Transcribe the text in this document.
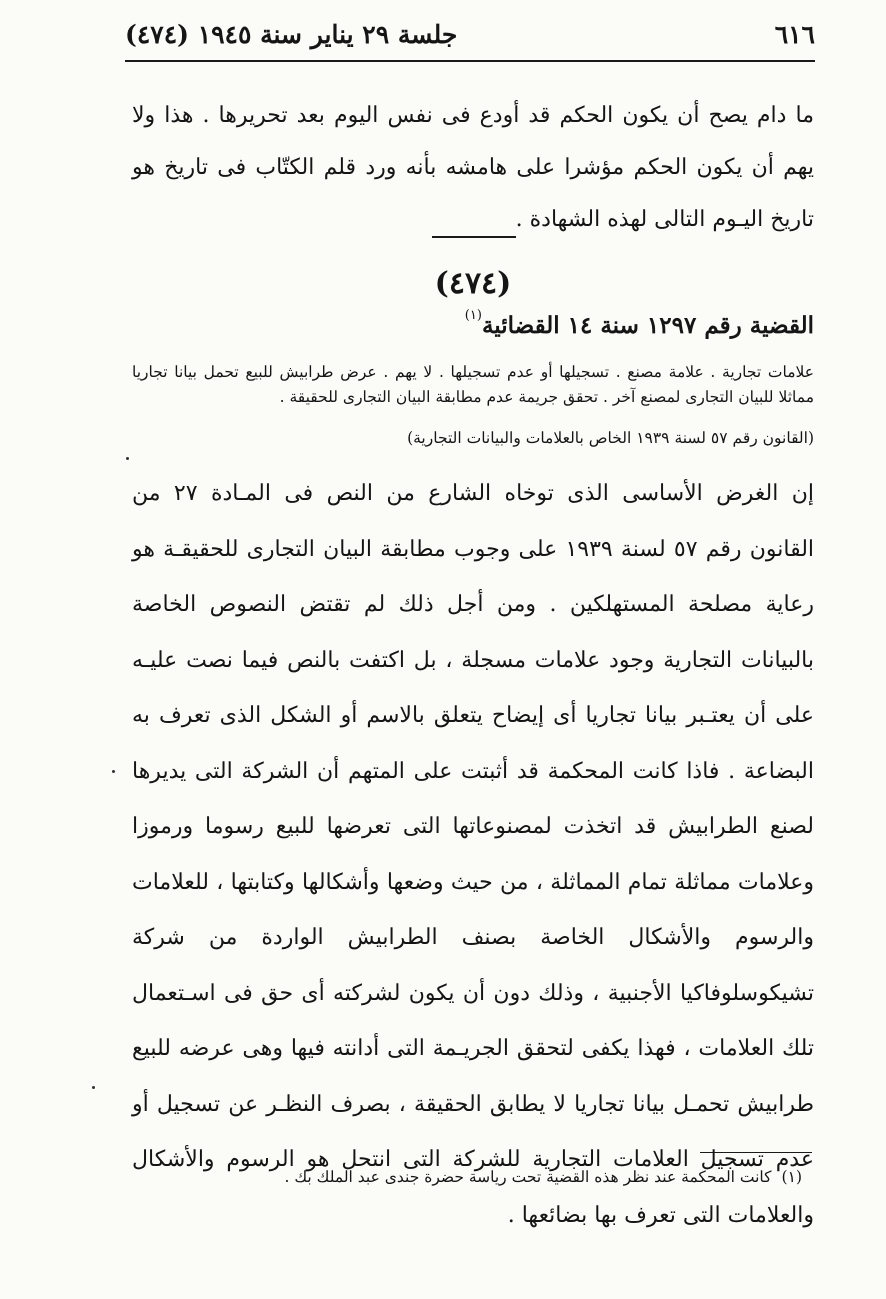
٦١٦
جلسة ٢٩ يناير سنة ١٩٤٥ (٤٧٤)

ما دام يصح أن يكون الحكم قد أودع فى نفس اليوم بعد تحريرها . هذا ولا يهم أن يكون الحكم مؤشرا على هامشه بأنه ورد قلم الكتّاب فى تاريخ هو تاريخ اليـوم التالى لهذه الشهادة .

(٤٧٤)

القضية رقم ١٢٩٧ سنة ١٤ القضائية$^{(١)}$

علامات تجارية . علامة مصنع . تسجيلها أو عدم تسجيلها . لا يهم . عرض طرابيش للبيع تحمل بيانا تجاريا مماثلا للبيان التجارى لمصنع آخر . تحقق جريمة عدم مطابقة البيان التجارى للحقيقة .

(القانون رقم ٥٧ لسنة ١٩٣٩ الخاص بالعلامات والبيانات التجارية)

إن الغرض الأساسى الذى توخاه الشارع من النص فى المـادة ٢٧ من القانون رقم ٥٧ لسنة ١٩٣٩ على وجوب مطابقة البيان التجارى للحقيقـة هو رعاية مصلحة المستهلكين . ومن أجل ذلك لم تقتض النصوص الخاصة بالبيانات التجارية وجود علامات مسجلة ، بل اكتفت بالنص فيما نصت عليـه على أن يعتـبر بيانا تجاريا أى إيضاح يتعلق بالاسم أو الشكل الذى تعرف به البضاعة . فاذا كانت المحكمة قد أثبتت على المتهم أن الشركة التى يديرها لصنع الطرابيش قد اتخذت لمصنوعاتها التى تعرضها للبيع رسوما ورموزا وعلامات مماثلة تمام المماثلة ، من حيث وضعها وأشكالها وكتابتها ، للعلامات والرسوم والأشكال الخاصة بصنف الطرابيش الواردة من شركة تشيكوسلوفاكيا الأجنبية ، وذلك دون أن يكون لشركته أى حق فى اسـتعمال تلك العلامات ، فهذا يكفى لتحقق الجريـمة التى أدانته فيها وهى عرضه للبيع طرابيش تحمـل بيانا تجاريا لا يطابق الحقيقة ، بصرف النظـر عن تسجيل أو عدم تسجيل العلامات التجارية للشركة التى انتحل هو الرسوم والأشكال والعلامات التى تعرف بها بضائعها .

(١)كانت المحكمة عند نظر هذه القضية تحت رياسة حضرة جندى عبد الملك بك .
